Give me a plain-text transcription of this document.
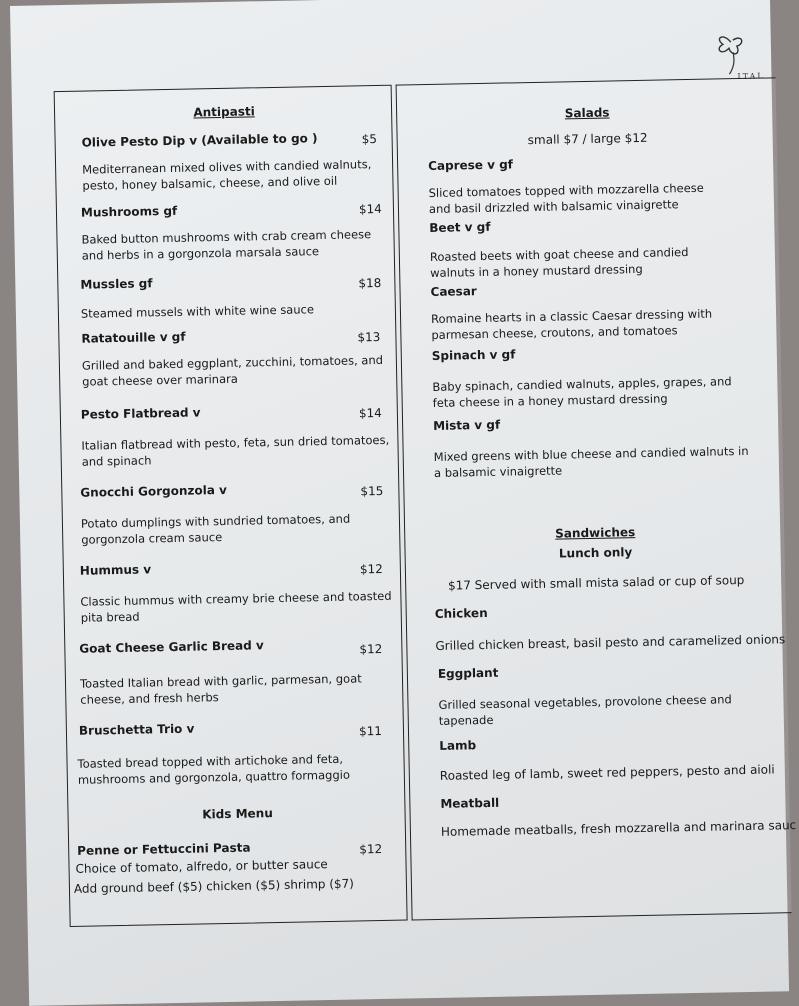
ITAL
Antipasti
Olive Pesto Dip v (Available to go )	$5
Mediterranean mixed olives with candied walnuts, pesto, honey balsamic, cheese, and olive oil
Mushrooms gf	$14
Baked button mushrooms with crab cream cheese and herbs in a gorgonzola marsala sauce
Mussles gf	$18
Steamed mussels with white wine sauce
Ratatouille v gf	$13
Grilled and baked eggplant, zucchini, tomatoes, and goat cheese over marinara
Pesto Flatbread v	$14
Italian flatbread with pesto, feta, sun dried tomatoes, and spinach
Gnocchi Gorgonzola v	$15
Potato dumplings with sundried tomatoes, and gorgonzola cream sauce
Hummus v	$12
Classic hummus with creamy brie cheese and toasted pita bread
Goat Cheese Garlic Bread v	$12
Toasted Italian bread with garlic, parmesan, goat cheese, and fresh herbs
Bruschetta Trio v	$11
Toasted bread topped with artichoke and feta, mushrooms and gorgonzola, quattro formaggio
Kids Menu
Penne or Fettuccini Pasta	$12
Choice of tomato, alfredo, or butter sauce
Add ground beef ($5) chicken ($5) shrimp ($7)
Salads
small $7 / large $12
Caprese v gf
Sliced tomatoes topped with mozzarella cheese and basil drizzled with balsamic vinaigrette
Beet v gf
Roasted beets with goat cheese and candied walnuts in a honey mustard dressing
Caesar
Romaine hearts in a classic Caesar dressing with parmesan cheese, croutons, and tomatoes
Spinach v gf
Baby spinach, candied walnuts, apples, grapes, and feta cheese in a honey mustard dressing
Mista v gf
Mixed greens with blue cheese and candied walnuts in a balsamic vinaigrette
Sandwiches
Lunch only
$17 Served with small mista salad or cup of soup
Chicken
Grilled chicken breast, basil pesto and caramelized onions
Eggplant
Grilled seasonal vegetables, provolone cheese and tapenade
Lamb
Roasted leg of lamb, sweet red peppers, pesto and aioli
Meatball
Homemade meatballs, fresh mozzarella and marinara sauc
